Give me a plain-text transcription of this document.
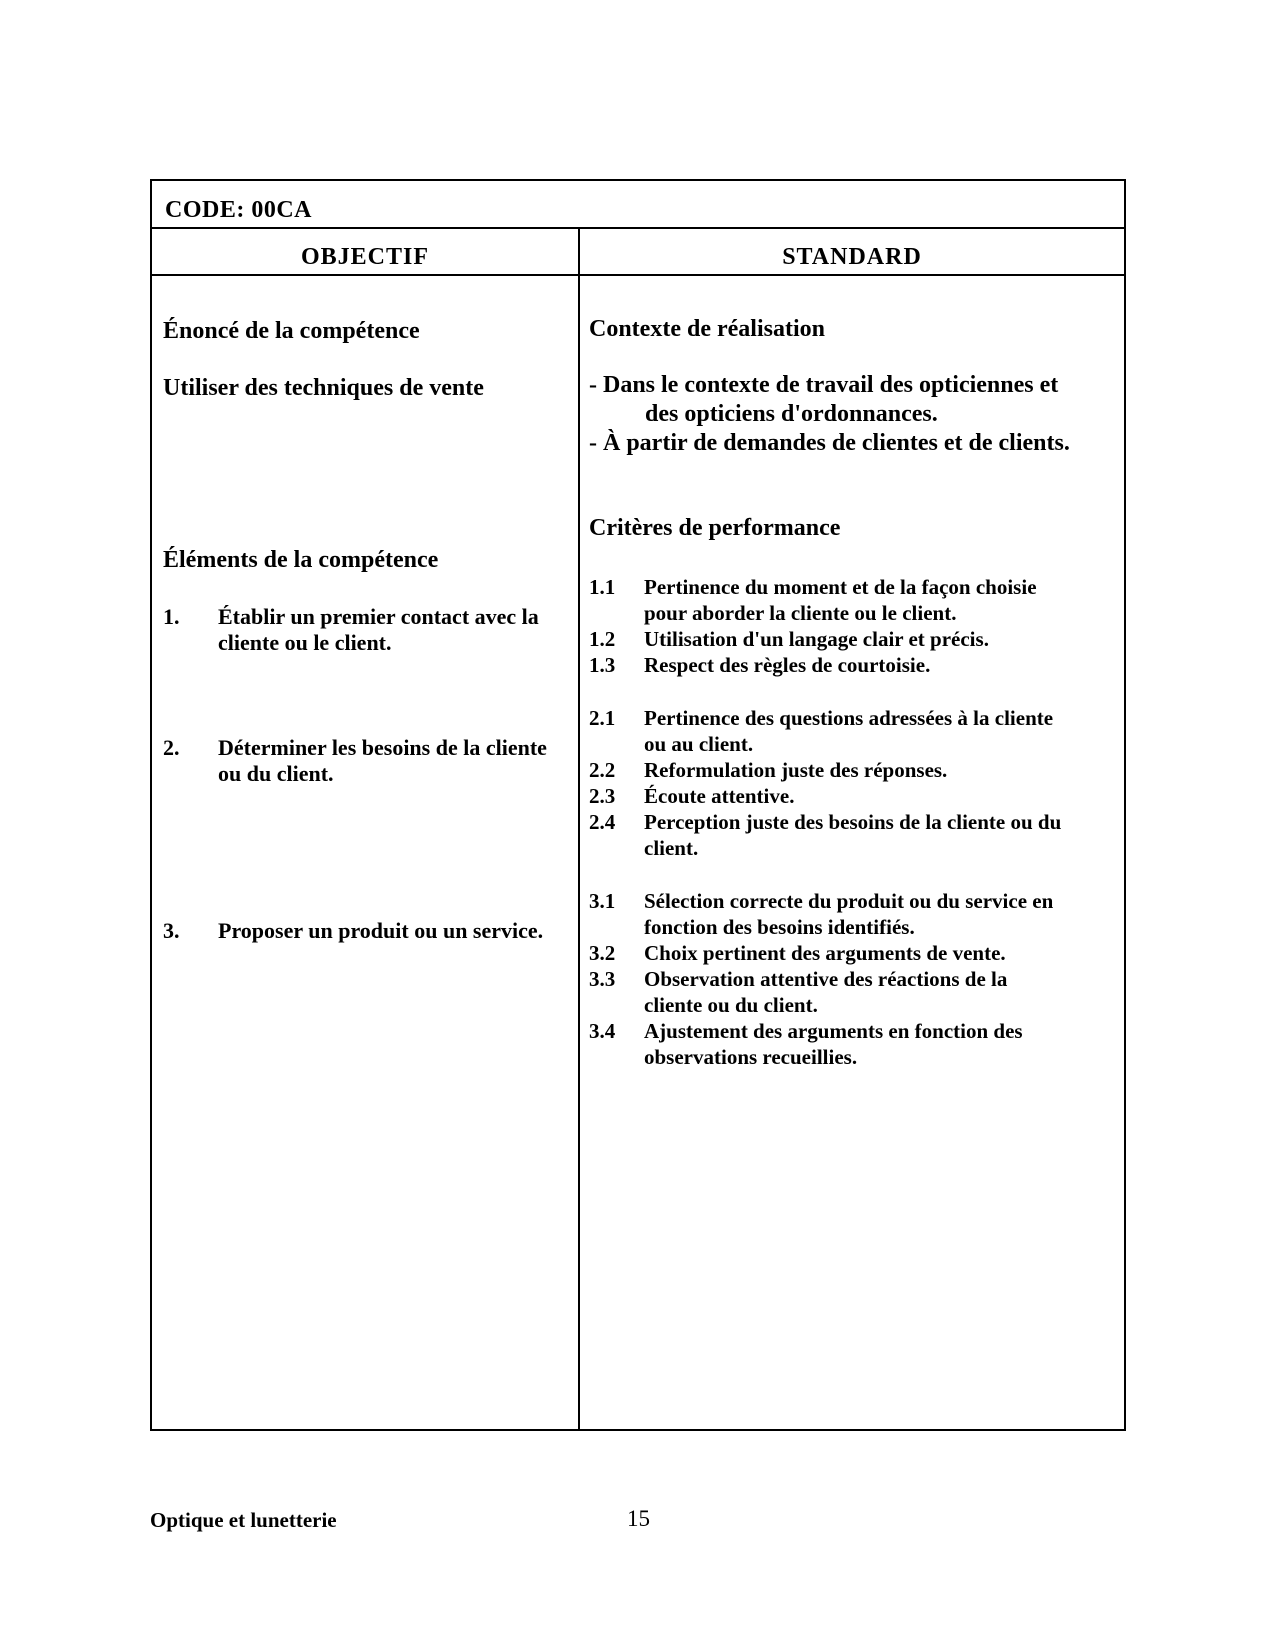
CODE: 00CA
OBJECTIF	STANDARD
Énoncé de la compétence
Utiliser des techniques de vente
Éléments de la compétence
1. Établir un premier contact avec la
cliente ou le client.
2. Déterminer les besoins de la cliente
ou du client.
3. Proposer un produit ou un service.
Contexte de réalisation
- Dans le contexte de travail des opticiennes et
des opticiens d'ordonnances.
- À partir de demandes de clientes et de clients.
Critères de performance
1.1 Pertinence du moment et de la façon choisie
pour aborder la cliente ou le client.
1.2 Utilisation d'un langage clair et précis.
1.3 Respect des règles de courtoisie.
2.1 Pertinence des questions adressées à la cliente
ou au client.
2.2 Reformulation juste des réponses.
2.3 Écoute attentive.
2.4 Perception juste des besoins de la cliente ou du
client.
3.1 Sélection correcte du produit ou du service en
fonction des besoins identifiés.
3.2 Choix pertinent des arguments de vente.
3.3 Observation attentive des réactions de la
cliente ou du client.
3.4 Ajustement des arguments en fonction des
observations recueillies.
Optique et lunetterie	15
